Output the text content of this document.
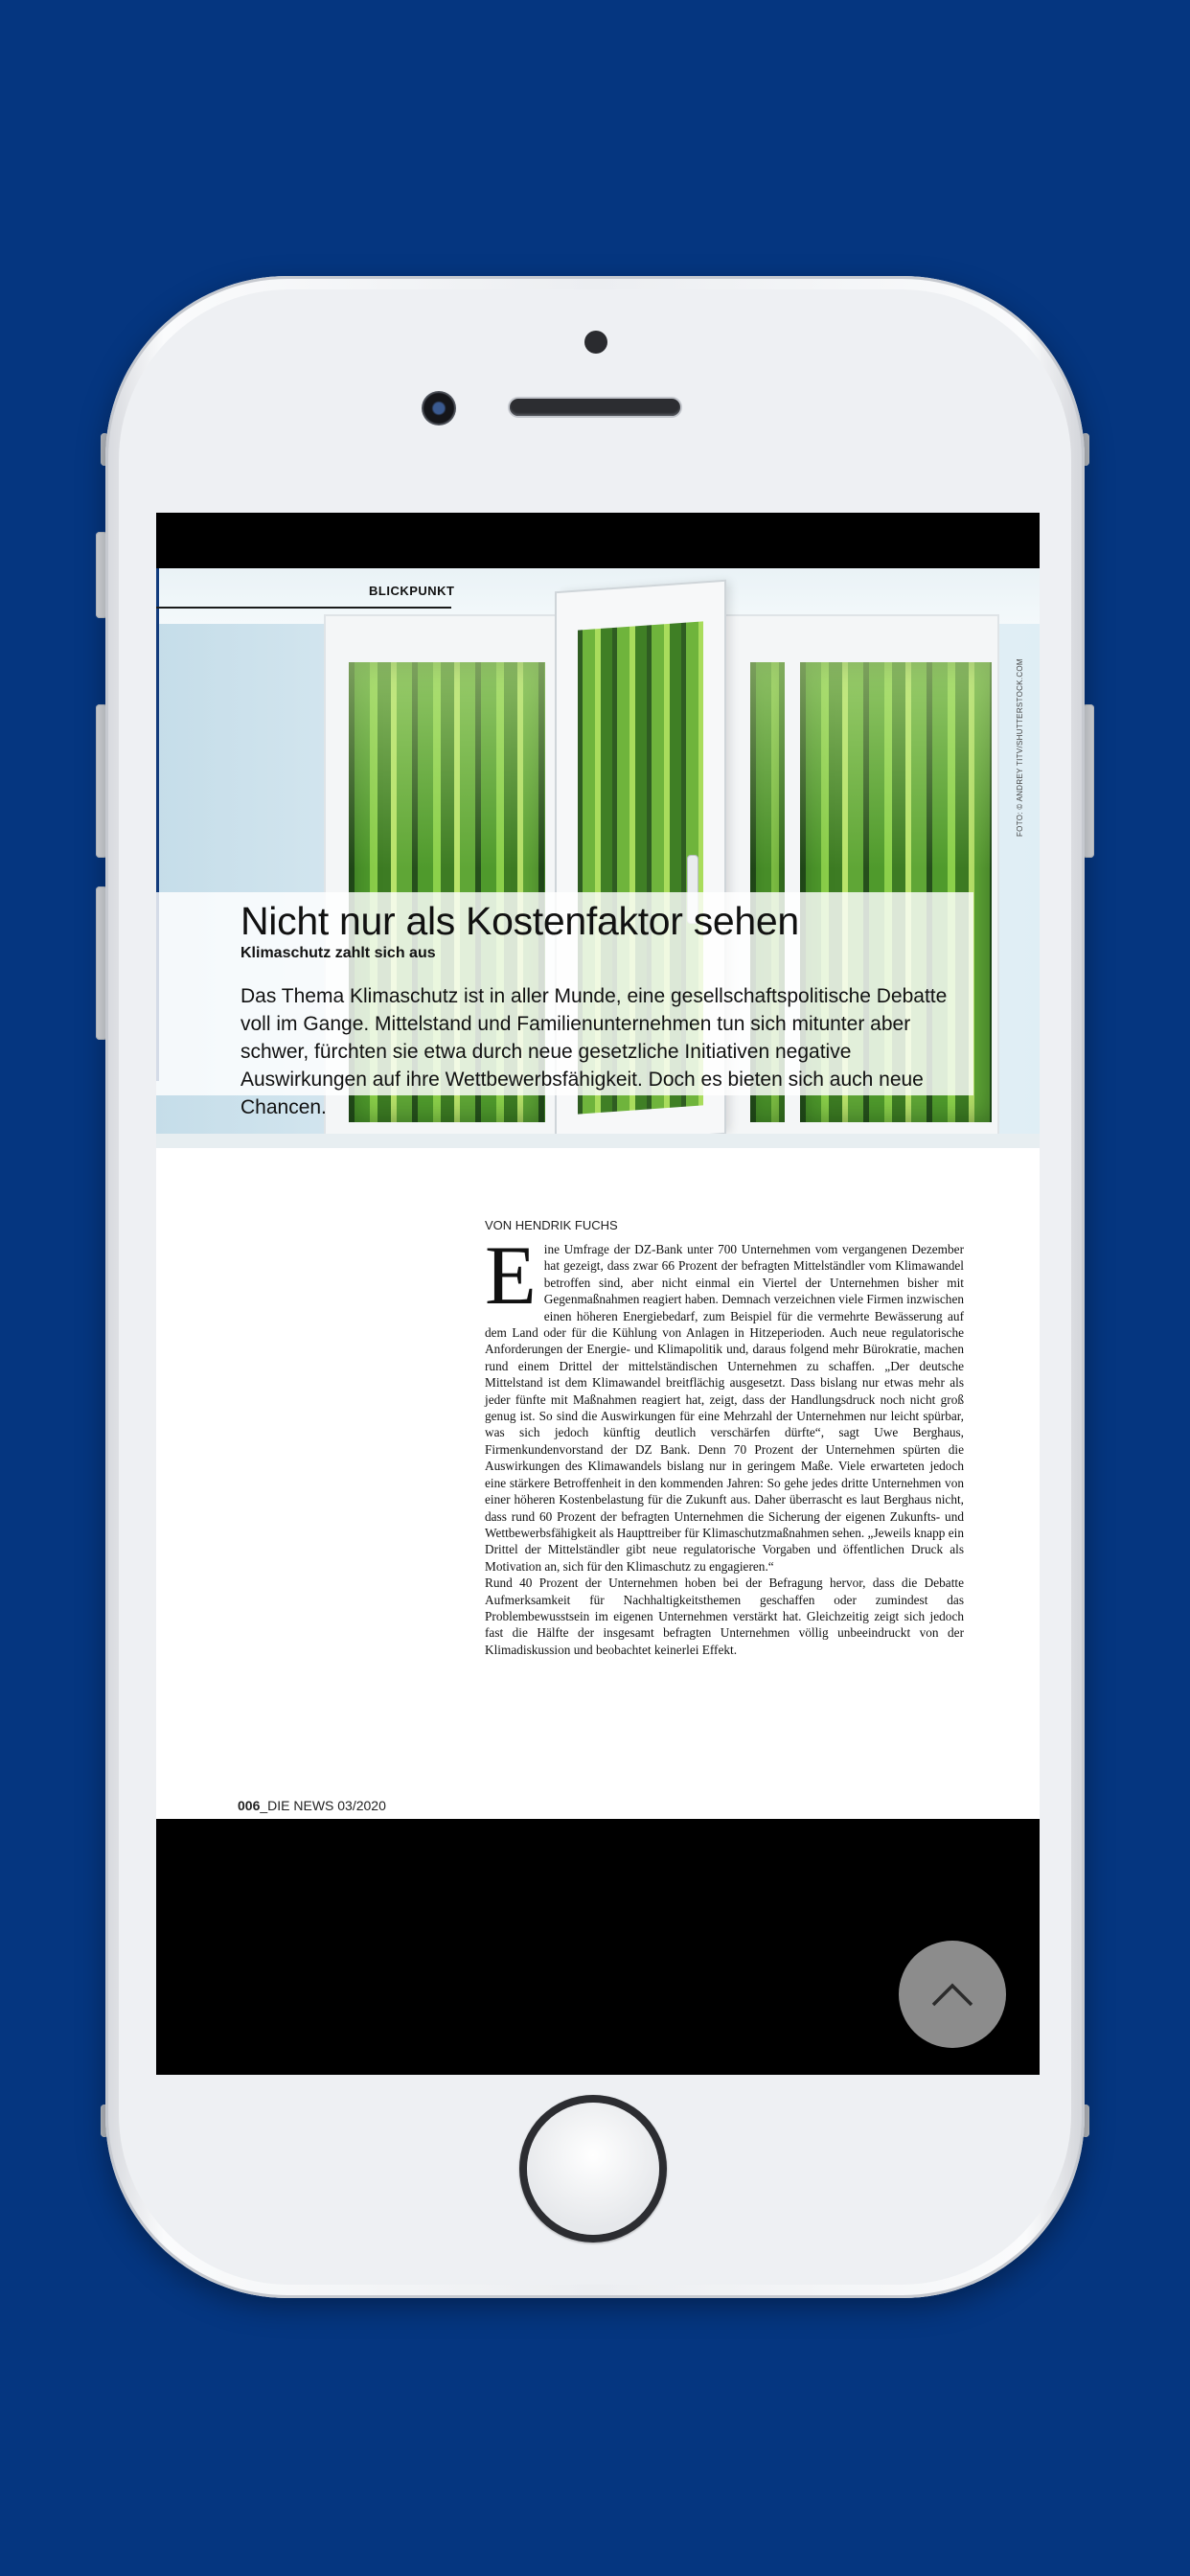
BLICKPUNKT
FOTO: © ANDREY TITV/SHUTTERSTOCK.COM
Nicht nur als Kostenfaktor sehen
Klimaschutz zahlt sich aus
Das Thema Klimaschutz ist in aller Munde, eine gesellschaftspolitische Debatte voll im Gange. Mittelstand und Familienunternehmen tun sich mitunter aber schwer, fürchten sie etwa durch neue gesetzliche Initiativen negative Auswirkungen auf ihre Wettbewerbsfähigkeit. Doch es bieten sich auch neue Chancen.
VON HENDRIK FUCHS
E ine Umfrage der DZ-Bank unter 700 Unternehmen vom vergangenen Dezember hat gezeigt, dass zwar 66 Prozent der befragten Mittelständler vom Klimawandel betroffen sind, aber nicht einmal ein Viertel der Unternehmen bisher mit Gegenmaßnahmen reagiert haben. Demnach verzeichnen viele Firmen inzwischen einen höheren Energiebedarf, zum Beispiel für die vermehrte Bewässerung auf dem Land oder für die Kühlung von Anlagen in Hitzeperioden. Auch neue regulatorische Anforderungen der Energie- und Klimapolitik und, daraus folgend mehr Bürokratie, machen rund einem Drittel der mittelständischen Unternehmen zu schaffen. „Der deutsche Mittelstand ist dem Klimawandel breitflächig ausgesetzt. Dass bislang nur etwas mehr als jeder fünfte mit Maßnahmen reagiert hat, zeigt, dass der Handlungsdruck noch nicht groß genug ist. So sind die Auswirkungen für eine Mehrzahl der Unternehmen nur leicht spürbar, was sich jedoch künftig deutlich verschärfen dürfte“, sagt Uwe Berghaus, Firmenkundenvorstand der DZ Bank. Denn 70 Prozent der Unternehmen spürten die Auswirkungen des Klimawandels bislang nur in geringem Maße. Viele erwarteten jedoch eine stärkere Betroffenheit in den kommenden Jahren: So gehe jedes dritte Unternehmen von einer höheren Kostenbelastung für die Zukunft aus. Daher überrascht es laut Berghaus nicht, dass rund 60 Prozent der befragten Unternehmen die Sicherung der eigenen Zukunfts- und Wettbewerbsfähigkeit als Haupttreiber für Klimaschutzmaßnahmen sehen. „Jeweils knapp ein Drittel der Mittelständler gibt neue regulatorische Vorgaben und öffentlichen Druck als Motivation an, sich für den Klimaschutz zu engagieren.“

Rund 40 Prozent der Unternehmen hoben bei der Befragung hervor, dass die Debatte Aufmerksamkeit für Nachhaltigkeitsthemen geschaffen oder zumindest das Problembewusstsein im eigenen Unternehmen verstärkt hat. Gleichzeitig zeigt sich jedoch fast die Hälfte der insgesamt befragten Unternehmen völlig unbeeindruckt von der Klimadiskussion und beobachtet keinerlei Effekt.

006_DIE NEWS 03/2020
